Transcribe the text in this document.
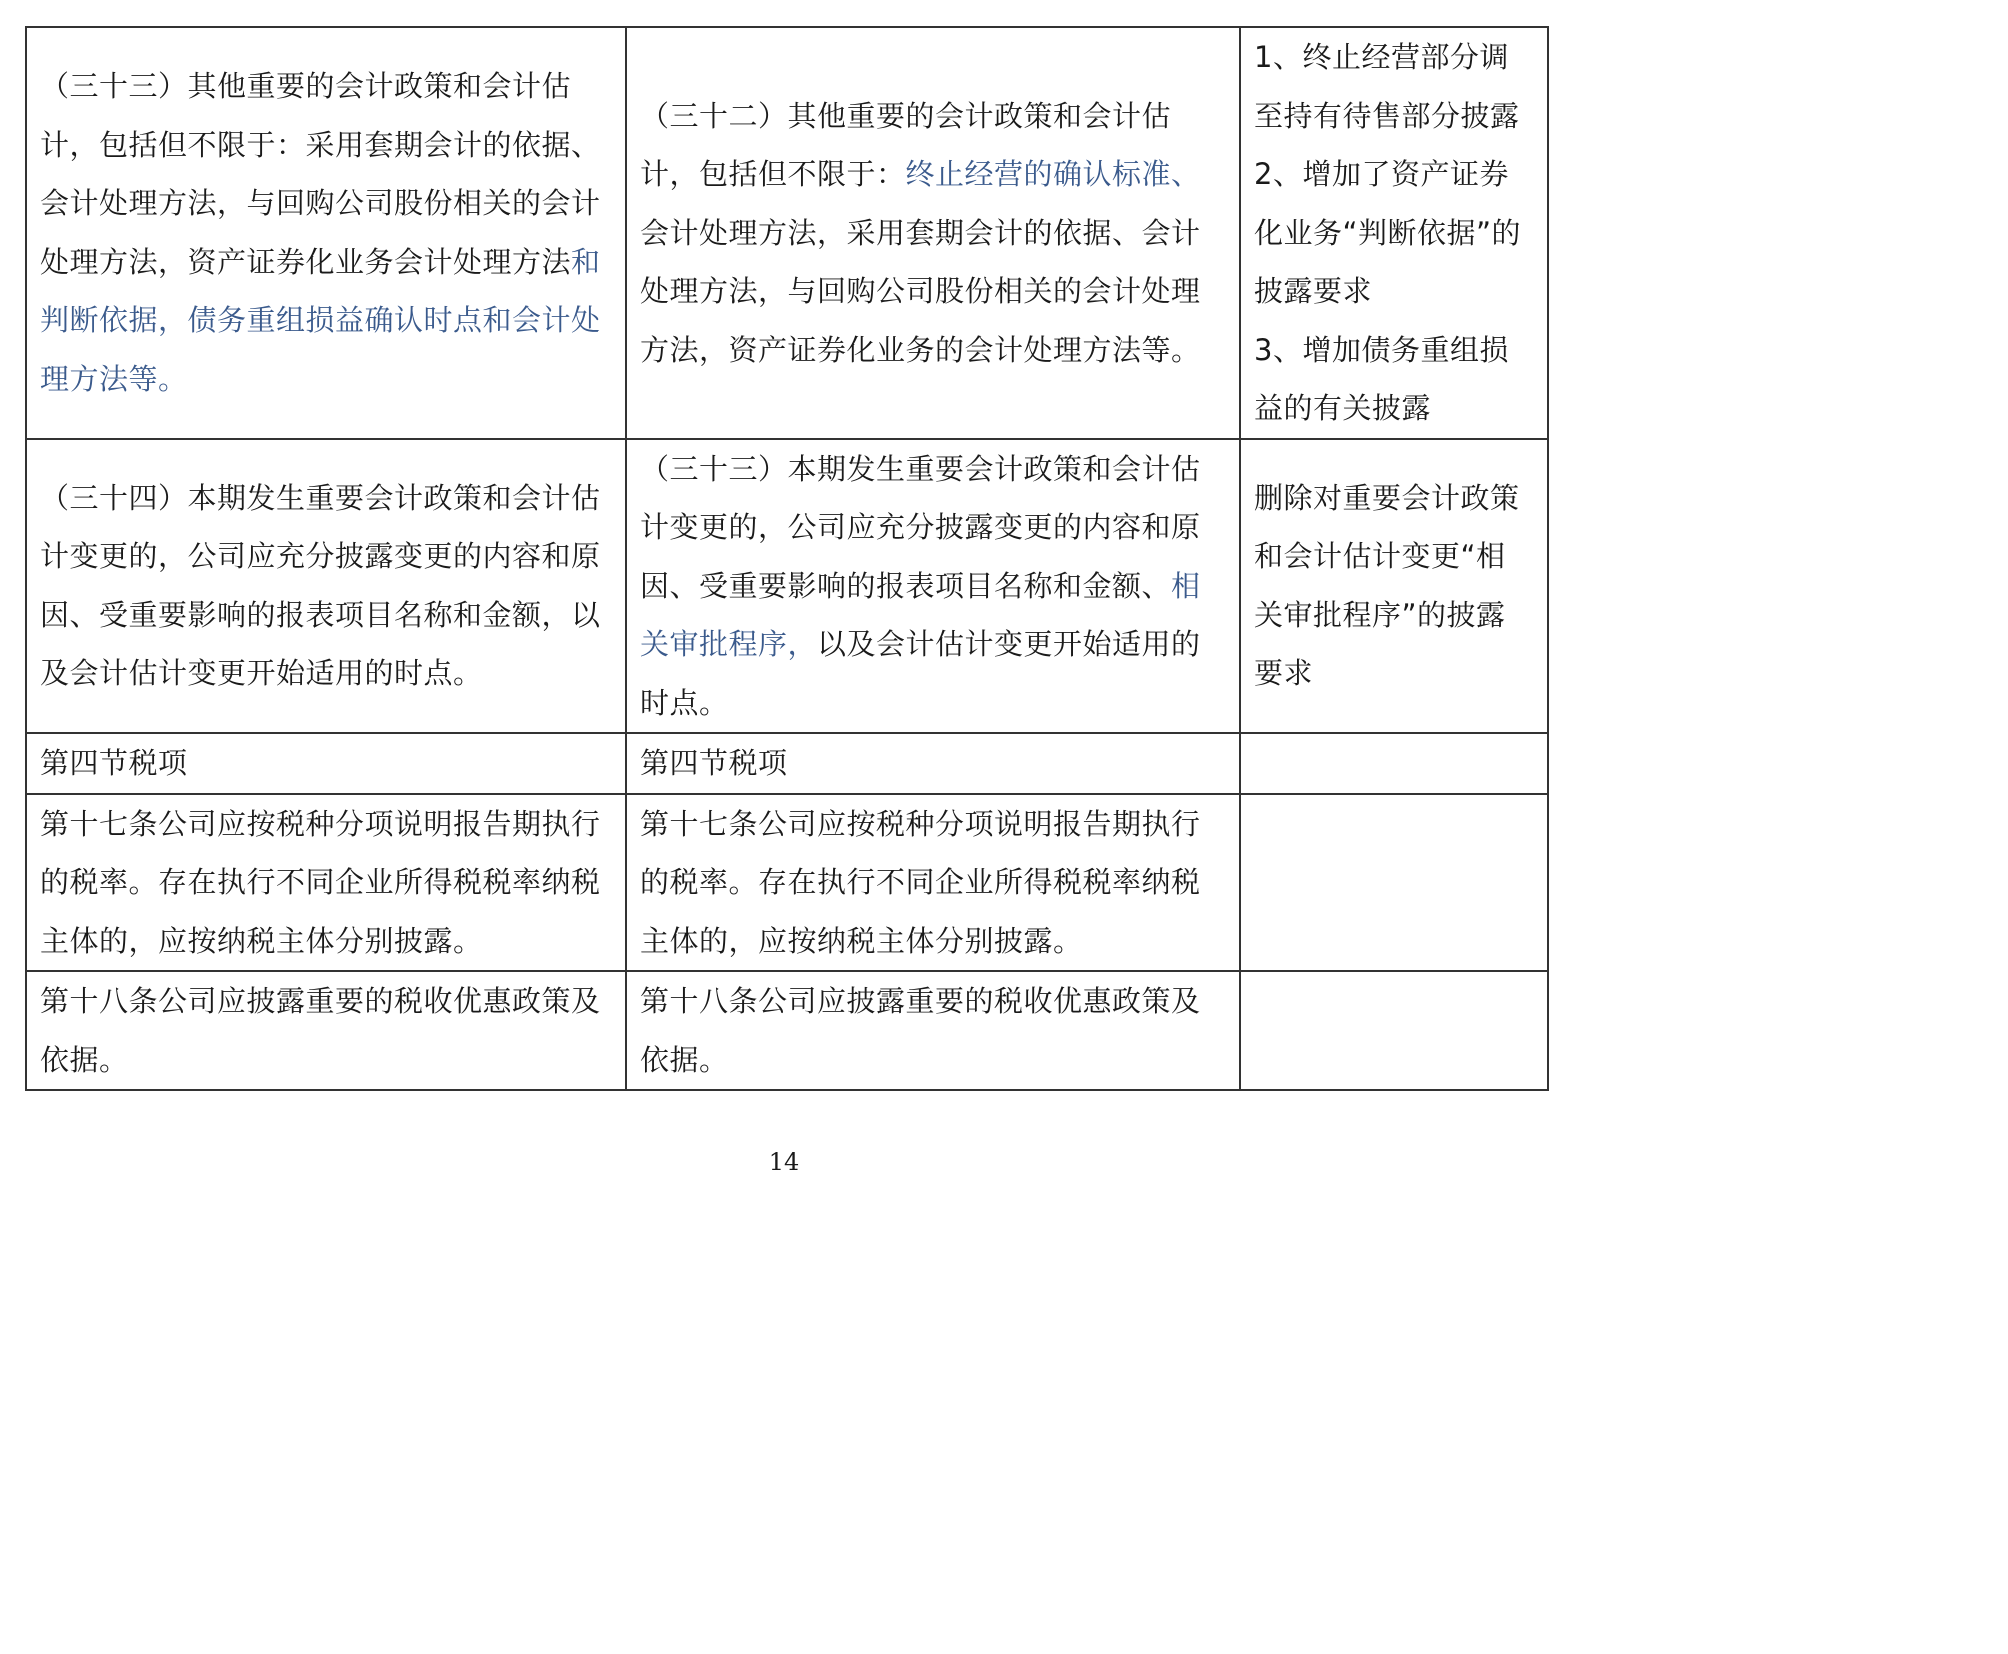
（三十三）其他重要的会计政策和会计估计，包括但不限于：采用套期会计的依据、会计处理方法，与回购公司股份相关的会计处理方法，资产证券化业务会计处理方法和判断依据，债务重组损益确认时点和会计处理方法等。	（三十二）其他重要的会计政策和会计估计，包括但不限于：终止经营的确认标准、会计处理方法，采用套期会计的依据、会计处理方法，与回购公司股份相关的会计处理方法，资产证券化业务的会计处理方法等。	1、终止经营部分调至持有待售部分披露
2、增加了资产证券化业务“判断依据”的披露要求
3、增加债务重组损益的有关披露

（三十四）本期发生重要会计政策和会计估计变更的，公司应充分披露变更的内容和原因、受重要影响的报表项目名称和金额，以及会计估计变更开始适用的时点。	（三十三）本期发生重要会计政策和会计估计变更的，公司应充分披露变更的内容和原因、受重要影响的报表项目名称和金额、相关审批程序，以及会计估计变更开始适用的时点。	删除对重要会计政策和会计估计变更“相关审批程序”的披露要求
第四节税项	第四节税项	
第十七条公司应按税种分项说明报告期执行的税率。存在执行不同企业所得税税率纳税主体的，应按纳税主体分别披露。	第十七条公司应按税种分项说明报告期执行的税率。存在执行不同企业所得税税率纳税主体的，应按纳税主体分别披露。	
第十八条公司应披露重要的税收优惠政策及依据。	第十八条公司应披露重要的税收优惠政策及依据。	
14
